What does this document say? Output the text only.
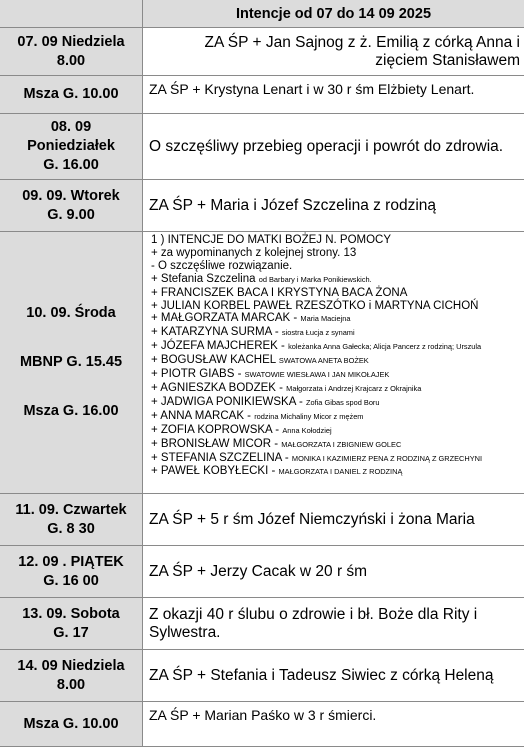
Intencje od 07 do 14 09 2025
07. 09 Niedziela
8.00
ZA ŚP + Jan Sajnog z ż. Emilią z córką Anna i zięciem Stanisławem
Msza G. 10.00	ZA ŚP + Krystyna Lenart i w 30 r śm Elżbiety Lenart.
08. 09
Poniedziałek
G. 16.00
O szczęśliwy przebieg operacji i powrót do zdrowia.
09. 09. Wtorek
G. 9.00
ZA ŚP + Maria i Józef Szczelina z rodziną
10. 09. Środa
MBNP G. 15.45
Msza G. 16.00
1 ) INTENCJE DO MATKI BOŻEJ N. POMOCY
+ za wypominanych z kolejnej strony. 13
- O szczęśliwe rozwiązanie.
+ Stefania Szczelina od Barbary i Marka Ponikiewskich.
+ FRANCISZEK BACA I KRYSTYNA BACA ŻONA
+ JULIAN KORBEL PAWEŁ RZESZÓTKO i MARTYNA CICHOŃ
+ MAŁGORZATA MARCAK - Maria Maciejna
+ KATARZYNA SURMA - siostra Łucja z synami
+ JÓZEFA MAJCHEREK - koleżanka Anna Gałecka; Alicja Pancerz z rodziną; Urszula
+ BOGUSŁAW KACHEL SWATOWA ANETA BOŻEK
+ PIOTR GIABS - SWATOWIE WIESŁAWA I JAN MIKOŁAJEK
+ AGNIESZKA BODZEK - Małgorzata i Andrzej Krajcarz z Okrajnika
+ JADWIGA PONIKIEWSKA - Zofia Gibas spod Boru
+ ANNA MARCAK - rodzina Michaliny Micor z mężem
+ ZOFIA KOPROWSKA - Anna Kołodziej
+ BRONISŁAW MICOR - MAŁGORZATA I ZBIGNIEW GOLEC
+ STEFANIA SZCZELINA - MONIKA I KAZIMIERZ PENA Z RODZINĄ Z GRZECHYNI
+ PAWEŁ KOBYŁECKI - MAŁGORZATA I DANIEL Z RODZINĄ
11. 09. Czwartek
G. 8 30
ZA ŚP + 5 r śm Józef Niemczyński i żona Maria
12. 09 . PIĄTEK
G. 16 00
ZA ŚP + Jerzy Cacak w 20 r śm
13. 09. Sobota
G. 17
Z okazji 40 r ślubu o zdrowie i bł. Boże dla Rity i Sylwestra.
14. 09 Niedziela
8.00
ZA ŚP + Stefania i Tadeusz Siwiec z córką Heleną
Msza G. 10.00
ZA ŚP + Marian Paśko w 3 r śmierci.
